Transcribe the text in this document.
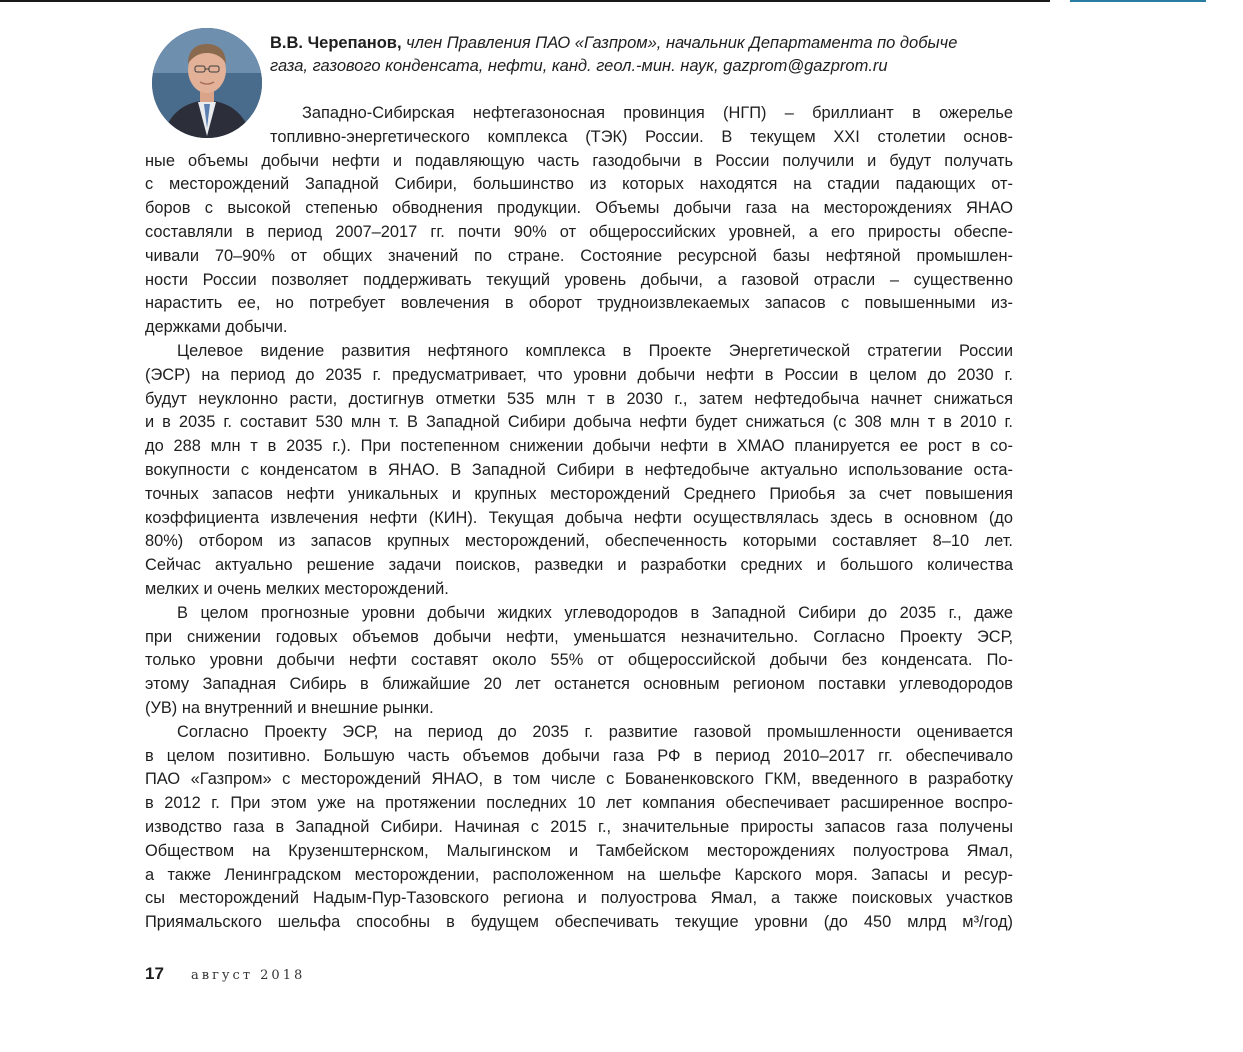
В.В. Черепанов, член Правления ПАО «Газпром», начальник Департамента по добыче
газа, газового конденсата, нефти, канд. геол.-мин. наук, gazprom@gazprom.ru
Западно-Сибирская нефтегазоносная провинция (НГП) – бриллиант в ожерелье
топливно-энергетического комплекса (ТЭК) России. В текущем XXI столетии основ-
ные объемы добычи нефти и подавляющую часть газодобычи в России получили и будут получать
с месторождений Западной Сибири, большинство из которых находятся на стадии падающих от-
боров с высокой степенью обводнения продукции. Объемы добычи газа на месторождениях ЯНАО
составляли в период 2007–2017 гг. почти 90% от общероссийских уровней, а его приросты обеспе-
чивали 70–90% от общих значений по стране. Состояние ресурсной базы нефтяной промышлен-
ности России позволяет поддерживать текущий уровень добычи, а газовой отрасли – существенно
нарастить ее, но потребует вовлечения в оборот трудноизвлекаемых запасов с повышенными из-
держками добычи.
Целевое видение развития нефтяного комплекса в Проекте Энергетической стратегии России
(ЭСР) на период до 2035 г. предусматривает, что уровни добычи нефти в России в целом до 2030 г.
будут неуклонно расти, достигнув отметки 535 млн т в 2030 г., затем нефтедобыча начнет снижаться
и в 2035 г. составит 530 млн т. В Западной Сибири добыча нефти будет снижаться (с 308 млн т в 2010 г.
до 288 млн т в 2035 г.). При постепенном снижении добычи нефти в ХМАО планируется ее рост в со-
вокупности с конденсатом в ЯНАО. В Западной Сибири в нефтедобыче актуально использование оста-
точных запасов нефти уникальных и крупных месторождений Среднего Приобья за счет повышения
коэффициента извлечения нефти (КИН). Текущая добыча нефти осуществлялась здесь в основном (до
80%) отбором из запасов крупных месторождений, обеспеченность которыми составляет 8–10 лет.
Сейчас актуально решение задачи поисков, разведки и разработки средних и большого количества
мелких и очень мелких месторождений.
В целом прогнозные уровни добычи жидких углеводородов в Западной Сибири до 2035 г., даже
при снижении годовых объемов добычи нефти, уменьшатся незначительно. Согласно Проекту ЭСР,
только уровни добычи нефти составят около 55% от общероссийской добычи без конденсата. По-
этому Западная Сибирь в ближайшие 20 лет останется основным регионом поставки углеводородов
(УВ) на внутренний и внешние рынки.
Согласно Проекту ЭСР, на период до 2035 г. развитие газовой промышленности оценивается
в целом позитивно. Большую часть объемов добычи газа РФ в период 2010–2017 гг. обеспечивало
ПАО «Газпром» с месторождений ЯНАО, в том числе с Бованенковского ГКМ, введенного в разработку
в 2012 г. При этом уже на протяжении последних 10 лет компания обеспечивает расширенное воспро-
изводство газа в Западной Сибири. Начиная с 2015 г., значительные приросты запасов газа получены
Обществом на Крузенштернском, Малыгинском и Тамбейском месторождениях полуострова Ямал,
а также Ленинградском месторождении, расположенном на шельфе Карского моря. Запасы и ресур-
сы месторождений Надым-Пур-Тазовского региона и полуострова Ямал, а также поисковых участков
Приямальского шельфа способны в будущем обеспечивать текущие уровни (до 450 млрд м³/год)
17 август 2018
